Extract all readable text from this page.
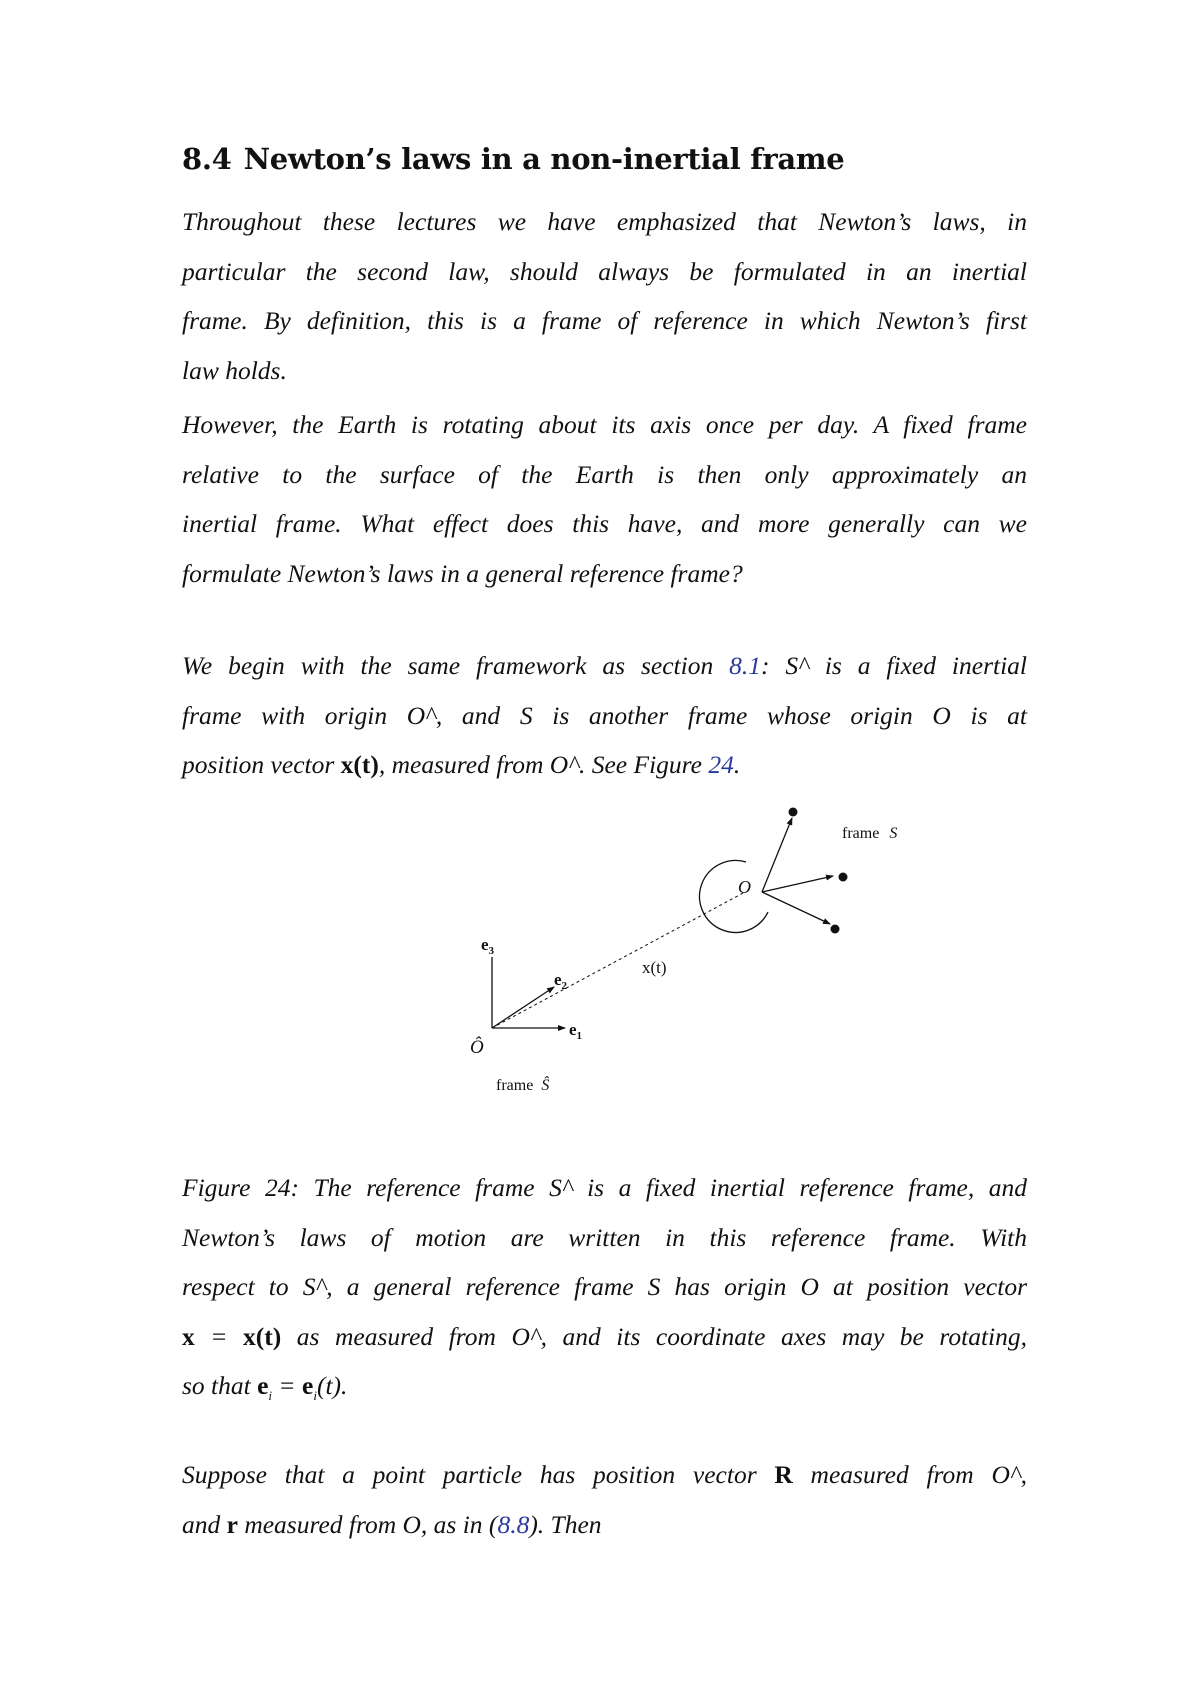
8.4 Newton’s laws in a non-inertial frame
Throughout these lectures we have emphasized that Newton’s laws, in
particular the second law, should always be formulated in an inertial
frame. By definition, this is a frame of reference in which Newton’s first
law holds.
However, the Earth is rotating about its axis once per day. A fixed frame
relative to the surface of the Earth is then only approximately an
inertial frame. What effect does this have, and more generally can we
formulate Newton’s laws in a general reference frame?
We begin with the same framework as section 8.1: S^ is a fixed inertial
frame with origin O^, and S is another frame whose origin O is at
position vector x(t), measured from O^. See Figure 24.
$e_3$
$e_2$
$e_1$
Ô
frame Ŝ
x(t)
O
frame S
Figure 24: The reference frame S^ is a fixed inertial reference frame, and
Newton’s laws of motion are written in this reference frame. With
respect to S^, a general reference frame S has origin O at position vector
x = x(t) as measured from O^, and its coordinate axes may be rotating,
so that $e_i = e_i(t)$.
Suppose that a point particle has position vector R measured from O^,
and r measured from O, as in (8.8). Then
